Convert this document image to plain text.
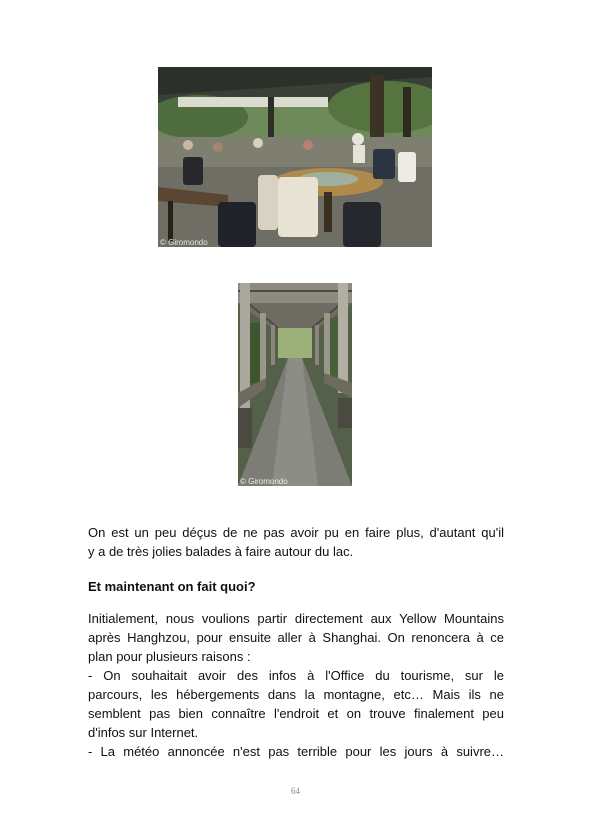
© Giromondo
© Giromondo

On est un peu déçus de ne pas avoir pu en faire plus, d'autant qu'il
y a de très jolies balades à faire autour du lac.

Et maintenant on fait quoi?

Initialement, nous voulions partir directement aux Yellow Mountains
après Hanghzou, pour ensuite aller à Shanghai. On renoncera à ce
plan pour plusieurs raisons :
- On souhaitait avoir des infos à l'Office du tourisme, sur le
parcours, les hébergements dans la montagne, etc… Mais ils ne
semblent pas bien connaître l'endroit et on trouve finalement peu
d'infos sur Internet.
- La météo annoncée n'est pas terrible pour les jours à suivre…

64
